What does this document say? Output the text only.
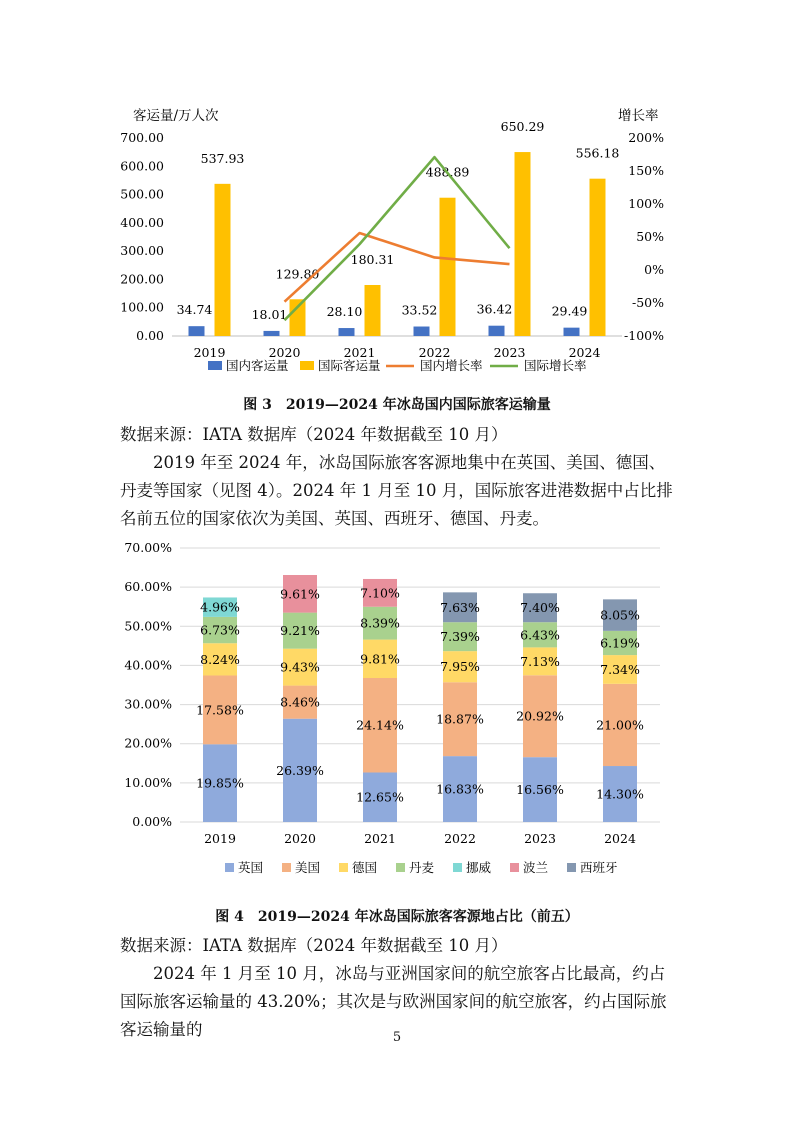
客运量/万人次	增长率
700.00
600.00
500.00
400.00
300.00
200.00
100.00
0.00
200%
150%
100%
50%
0%
-50%
-100%
2019	2020	2021	2022	2023	2024
34.74	18.01	28.10	33.52	36.42	29.49
537.93
129.80
180.31
488.89
650.29
556.18
国内客运量 国际客运量	国内增长率	国际增长率
图 3　2019—2024 年冰岛国内国际旅客运输量

数据来源：IATA 数据库（2024 年数据截至 10 月）

2019 年至 2024 年，冰岛国际旅客客源地集中在英国、美国、德国、丹麦等国家（见图 4）。2024 年 1 月至 10 月，国际旅客进港数据中占比排名前五位的国家依次为美国、英国、西班牙、德国、丹麦。

70.00%
60.00%
50.00%
40.00%
30.00%
20.00%
10.00%
0.00%
2019	2020	2021	2022	2023	2024
19.85%
17.58%
8.24%
6.73%
4.96%
26.39%
8.46%
9.43%
9.21%
9.61%
12.65%
24.14%
9.81%
8.39%
7.10%
16.83%
18.87%
7.95%
7.39%
7.63%
16.56%
20.92%
7.13%
6.43%
7.40%
14.30%
21.00%
7.34%
6.19%
8.05%
英国	美国	德国	丹麦	挪威	波兰	西班牙
图 4　2019—2024 年冰岛国际旅客客源地占比（前五）

数据来源：IATA 数据库（2024 年数据截至 10 月）

2024 年 1 月至 10 月，冰岛与亚洲国家间的航空旅客占比最高，约占国际旅客运输量的 43.20%；其次是与欧洲国家间的航空旅客，约占国际旅客运输量的	5
